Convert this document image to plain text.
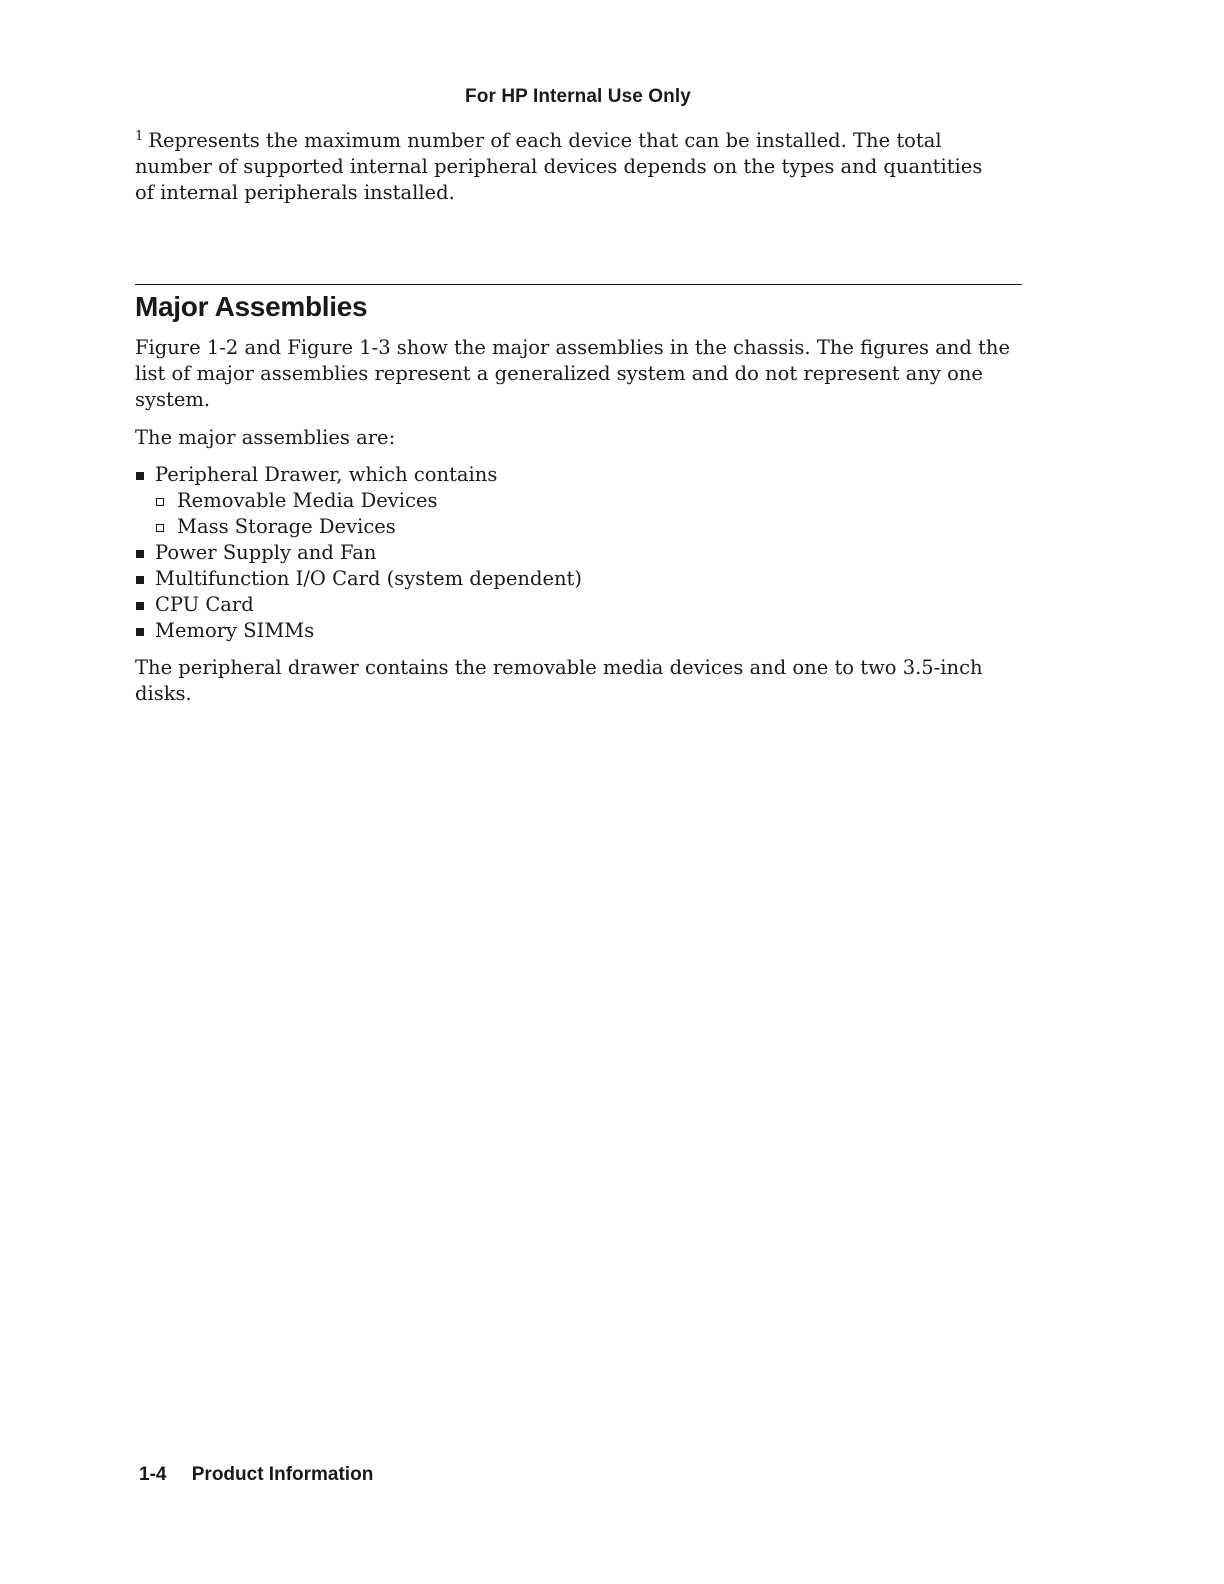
For HP Internal Use Only

$^1$ Represents the maximum number of each device that can be installed. The total number of supported internal peripheral devices depends on the types and quantities of internal peripherals installed.

Major Assemblies

Figure 1-2 and Figure 1-3 show the major assemblies in the chassis. The figures and the list of major assemblies represent a generalized system and do not represent any one system.

The major assemblies are:

Peripheral Drawer, which contains
Removable Media Devices
Mass Storage Devices
Power Supply and Fan
Multifunction I/O Card (system dependent)
CPU Card
Memory SIMMs

The peripheral drawer contains the removable media devices and one to two 3.5-inch disks.

1-4 Product Information
